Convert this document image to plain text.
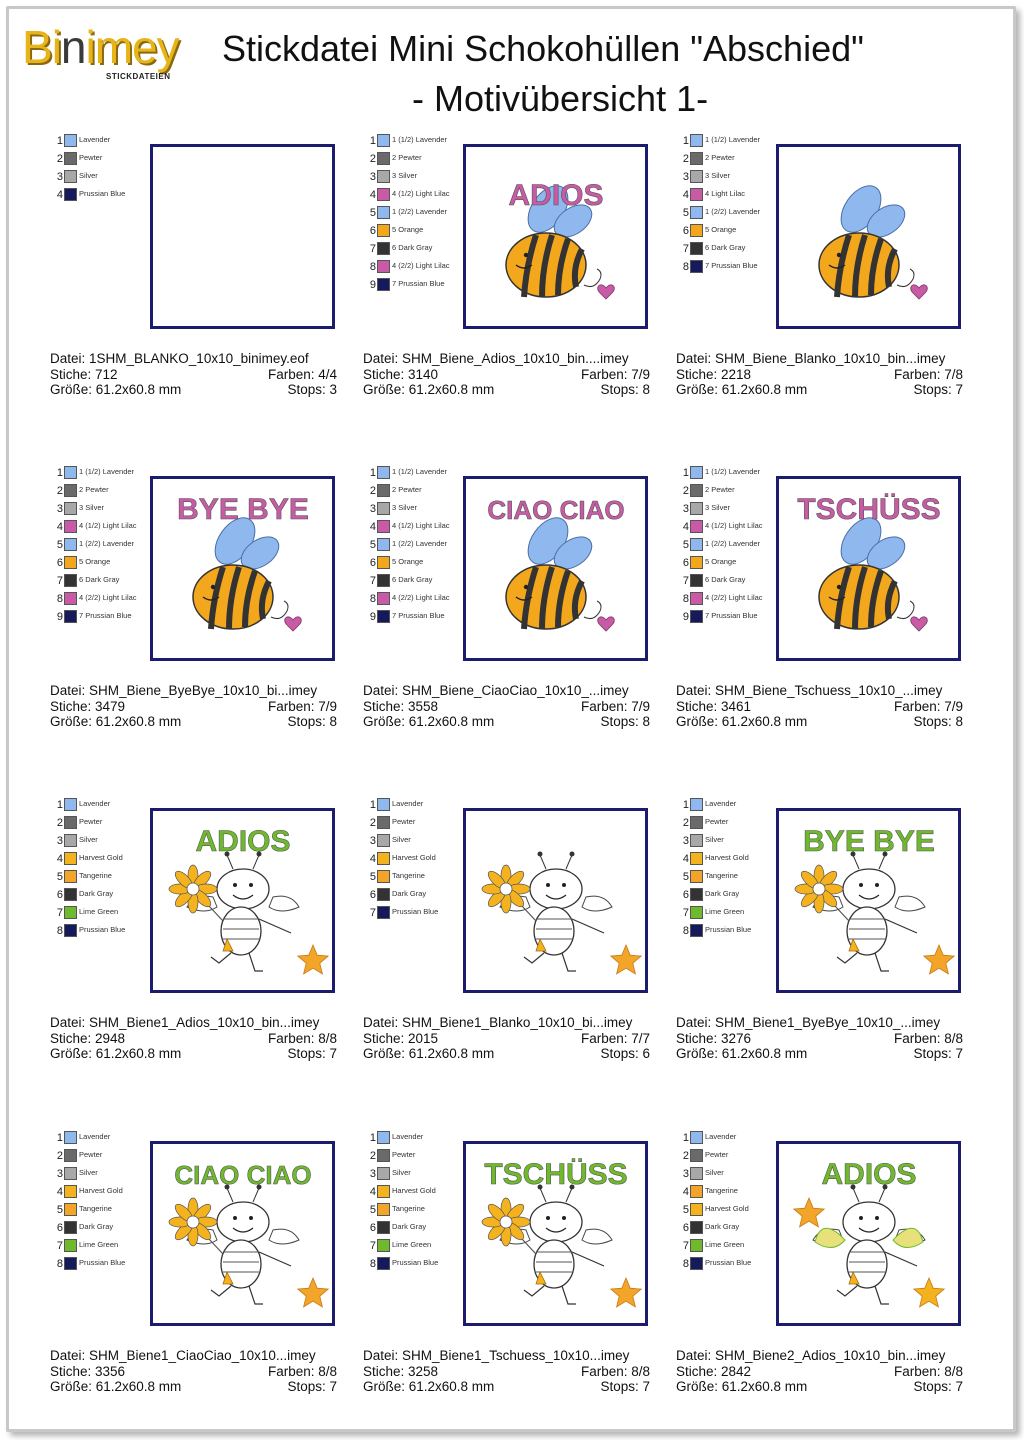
Binimey
STICKDATEIEN
Stickdatei Mini Schokohüllen "Abschied"
- Motivübersicht 1-
1 Lavender
2 Pewter
3 Silver
4 Prussian Blue
Datei: 1SHM_BLANKO_10x10_binimey.eof
Stiche: 712	Farben: 4/4
Größe: 61.2x60.8 mm	Stops: 3
1 1 (1/2) Lavender
2 2 Pewter
3 3 Silver
4 4 (1/2) Light Lilac
5 1 (2/2) Lavender
6 5 Orange
7 6 Dark Gray
8 4 (2/2) Light Lilac
9 7 Prussian Blue
ADIOS
Datei: SHM_Biene_Adios_10x10_bin....imey
Stiche: 3140	Farben: 7/9
Größe: 61.2x60.8 mm	Stops: 8
1 1 (1/2) Lavender
2 2 Pewter
3 3 Silver
4 4 Light Lilac
5 1 (2/2) Lavender
6 5 Orange
7 6 Dark Gray
8 7 Prussian Blue
Datei: SHM_Biene_Blanko_10x10_bin...imey
Stiche: 2218	Farben: 7/8
Größe: 61.2x60.8 mm	Stops: 7
1 1 (1/2) Lavender
2 2 Pewter
3 3 Silver
4 4 (1/2) Light Lilac
5 1 (2/2) Lavender
6 5 Orange
7 6 Dark Gray
8 4 (2/2) Light Lilac
9 7 Prussian Blue
BYE BYE
Datei: SHM_Biene_ByeBye_10x10_bi...imey
Stiche: 3479	Farben: 7/9
Größe: 61.2x60.8 mm	Stops: 8
1 1 (1/2) Lavender
2 2 Pewter
3 3 Silver
4 4 (1/2) Light Lilac
5 1 (2/2) Lavender
6 5 Orange
7 6 Dark Gray
8 4 (2/2) Light Lilac
9 7 Prussian Blue
CIAO CIAO
Datei: SHM_Biene_CiaoCiao_10x10_...imey
Stiche: 3558	Farben: 7/9
Größe: 61.2x60.8 mm	Stops: 8
1 1 (1/2) Lavender
2 2 Pewter
3 3 Silver
4 4 (1/2) Light Lilac
5 1 (2/2) Lavender
6 5 Orange
7 6 Dark Gray
8 4 (2/2) Light Lilac
9 7 Prussian Blue
TSCHÜSS
Datei: SHM_Biene_Tschuess_10x10_...imey
Stiche: 3461	Farben: 7/9
Größe: 61.2x60.8 mm	Stops: 8
1 Lavender
2 Pewter
3 Silver
4 Harvest Gold
5 Tangerine
6 Dark Gray
7 Lime Green
8 Prussian Blue
ADIOS
Datei: SHM_Biene1_Adios_10x10_bin...imey
Stiche: 2948	Farben: 8/8
Größe: 61.2x60.8 mm	Stops: 7
1 Lavender
2 Pewter
3 Silver
4 Harvest Gold
5 Tangerine
6 Dark Gray
7 Prussian Blue
Datei: SHM_Biene1_Blanko_10x10_bi...imey
Stiche: 2015	Farben: 7/7
Größe: 61.2x60.8 mm	Stops: 6
1 Lavender
2 Pewter
3 Silver
4 Harvest Gold
5 Tangerine
6 Dark Gray
7 Lime Green
8 Prussian Blue
BYE BYE
Datei: SHM_Biene1_ByeBye_10x10_...imey
Stiche: 3276	Farben: 8/8
Größe: 61.2x60.8 mm	Stops: 7
1 Lavender
2 Pewter
3 Silver
4 Harvest Gold
5 Tangerine
6 Dark Gray
7 Lime Green
8 Prussian Blue
CIAO CIAO
Datei: SHM_Biene1_CiaoCiao_10x10...imey
Stiche: 3356	Farben: 8/8
Größe: 61.2x60.8 mm	Stops: 7
1 Lavender
2 Pewter
3 Silver
4 Harvest Gold
5 Tangerine
6 Dark Gray
7 Lime Green
8 Prussian Blue
TSCHÜSS
Datei: SHM_Biene1_Tschuess_10x10...imey
Stiche: 3258	Farben: 8/8
Größe: 61.2x60.8 mm	Stops: 7
1 Lavender
2 Pewter
3 Silver
4 Tangerine
5 Harvest Gold
6 Dark Gray
7 Lime Green
8 Prussian Blue
ADIOS
Datei: SHM_Biene2_Adios_10x10_bin...imey
Stiche: 2842	Farben: 8/8
Größe: 61.2x60.8 mm	Stops: 7
